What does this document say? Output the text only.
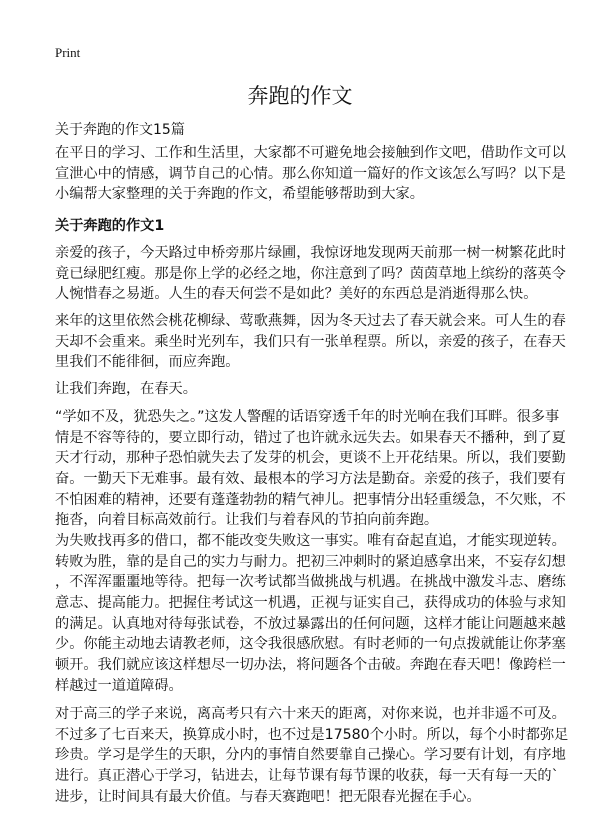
Print
奔跑的作文
关于奔跑的作文15篇
在平日的学习、工作和生活里，大家都不可避免地会接触到作文吧，借助作文可以
宣泄心中的情感，调节自己的心情。那么你知道一篇好的作文该怎么写吗？以下是
小编帮大家整理的关于奔跑的作文，希望能够帮助到大家。
关于奔跑的作文1
亲爱的孩子，今天路过申桥旁那片绿圃，我惊讶地发现两天前那一树一树繁花此时
竟已绿肥红瘦。那是你上学的必经之地，你注意到了吗？茵茵草地上缤纷的落英令
人惋惜春之易逝。人生的春天何尝不是如此？美好的东西总是消逝得那么快。
来年的这里依然会桃花柳绿、莺歌燕舞，因为冬天过去了春天就会来。可人生的春
天却不会重来。乘坐时光列车，我们只有一张单程票。所以，亲爱的孩子，在春天
里我们不能徘徊，而应奔跑。
让我们奔跑，在春天。
“学如不及，犹恐失之。”这发人警醒的话语穿透千年的时光响在我们耳畔。很多事
情是不容等待的，要立即行动，错过了也许就永远失去。如果春天不播种，到了夏
天才行动，那种子恐怕就失去了发芽的机会，更谈不上开花结果。所以，我们要勤
奋。一勤天下无难事。最有效、最根本的学习方法是勤奋。亲爱的孩子，我们要有
不怕困难的精神，还要有蓬蓬勃勃的精气神儿。把事情分出轻重缓急，不欠账，不
拖沓，向着目标高效前行。让我们与着春风的节拍向前奔跑。
为失败找再多的借口，都不能改变失败这一事实。唯有奋起直追，才能实现逆转。
转败为胜，靠的是自己的实力与耐力。把初三冲刺时的紧迫感拿出来，不妄存幻想
，不浑浑噩噩地等待。把每一次考试都当做挑战与机遇。在挑战中激发斗志、磨练
意志、提高能力。把握住考试这一机遇，正视与证实自己，获得成功的体验与求知
的满足。认真地对待每张试卷，不放过暴露出的任何问题，这样才能让问题越来越
少。你能主动地去请教老师，这令我很感欣慰。有时老师的一句点拨就能让你茅塞
顿开。我们就应该这样想尽一切办法，将问题各个击破。奔跑在春天吧！像跨栏一
样越过一道道障碍。
对于高三的学子来说，离高考只有六十来天的距离，对你来说，也并非遥不可及。
不过多了七百来天，换算成小时，也不过是17580个小时。所以，每个小时都弥足
珍贵。学习是学生的天职，分内的事情自然要靠自己操心。学习要有计划，有序地
进行。真正潜心于学习，钻进去，让每节课有每节课的收获，每一天有每一天的`
进步，让时间具有最大价值。与春天赛跑吧！把无限春光握在手心。
